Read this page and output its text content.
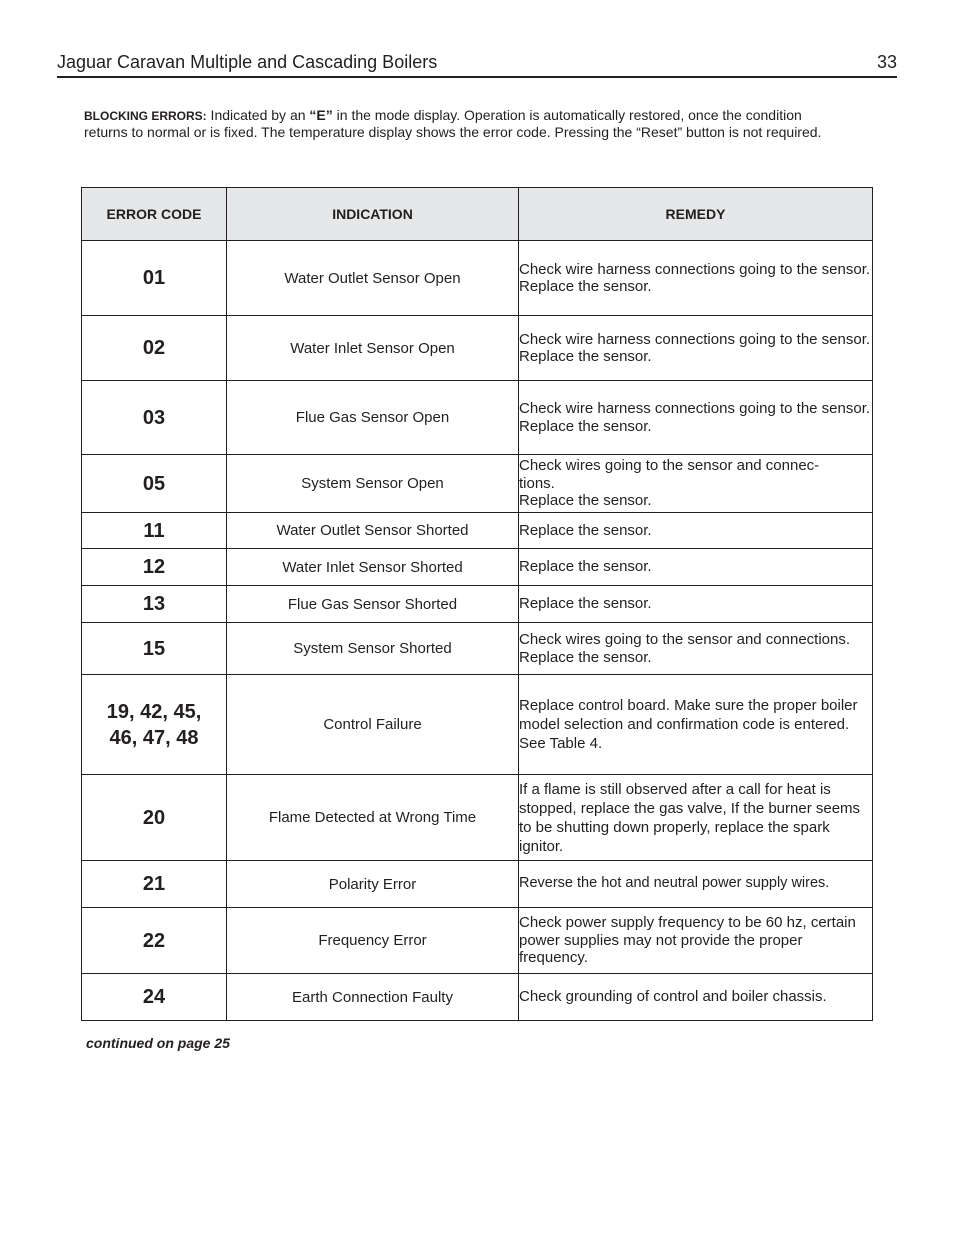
Jaguar Caravan Multiple and Cascading Boilers	33
BLOCKING ERRORS: Indicated by an “E” in the mode display. Operation is automatically restored, once the condition returns to normal or is fixed. The temperature display shows the error code. Pressing the “Reset” button is not required.
ERROR CODE	INDICATION	REMEDY
01	Water Outlet Sensor Open	Check wire harness connections going to the sensor.
Replace the sensor.
02	Water Inlet Sensor Open	Check wire harness connections going to the sensor.
Replace the sensor.
03	Flue Gas Sensor Open	Check wire harness connections going to the sensor.
Replace the sensor.
05	System Sensor Open	Check wires going to the sensor and connec-
tions.
Replace the sensor.
11	Water Outlet Sensor Shorted	Replace the sensor.
12	Water Inlet Sensor Shorted	Replace the sensor.
13	Flue Gas Sensor Shorted	Replace the sensor.
15	System Sensor Shorted	Check wires going to the sensor and connections. Replace the sensor.

19, 42, 45, 46, 47, 48	Control Failure	Replace control board. Make sure the proper boiler model selection and confirmation code is entered. See Table 4.
20	Flame Detected at Wrong Time	If a flame is still observed after a call for heat is stopped, replace the gas valve, If the burner seems to be shutting down properly, replace the spark ignitor.
21	Polarity Error	Reverse the hot and neutral power supply wires.
22	Frequency Error	Check power supply frequency to be 60 hz, certain power supplies may not provide the proper frequency.
24	Earth Connection Faulty	Check grounding of control and boiler chassis.
continued on page 25
